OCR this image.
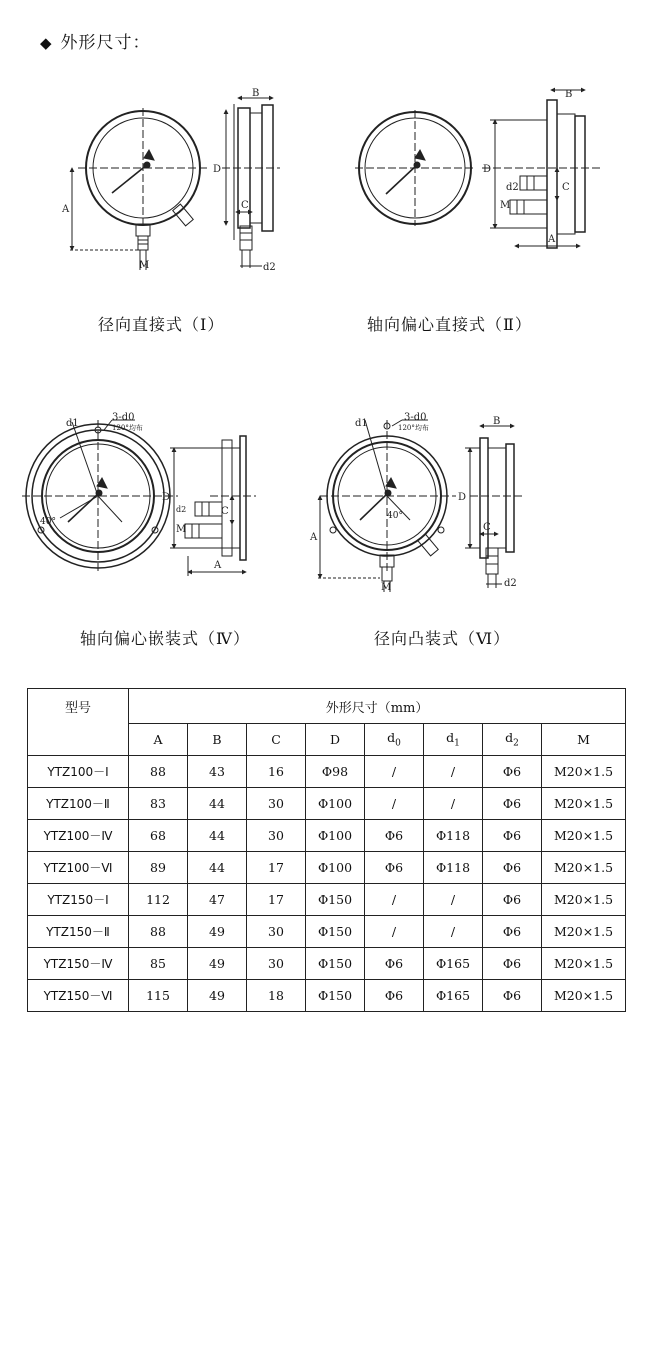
◆ 外形尺寸：
A
M
B
D
C
d2
B
D
C
A
M
d2
d1
3-d0
120°均布
40°
D
C
A
M
d2
d1
3-d0
120°均布
40°
A
B
D
C
M	d2
径向直接式（Ⅰ）	轴向偏心直接式（Ⅱ）
轴向偏心嵌装式（Ⅳ）	径向凸装式（Ⅵ）
型号	外形尺寸（mm）							
	A	B	C	D	$d_0$	$d_1$	$d_2$	M
YTZ100－Ⅰ	88	43	16	Φ98	/	/	Φ6	M20×1.5
YTZ100－Ⅱ	83	44	30	Φ100	/	/	Φ6	M20×1.5
YTZ100－Ⅳ	68	44	30	Φ100	Φ6	Φ118	Φ6	M20×1.5
YTZ100－Ⅵ	89	44	17	Φ100	Φ6	Φ118	Φ6	M20×1.5
YTZ150－Ⅰ	112	47	17	Φ150	/	/	Φ6	M20×1.5
YTZ150－Ⅱ	88	49	30	Φ150	/	/	Φ6	M20×1.5
YTZ150－Ⅳ	85	49	30	Φ150	Φ6	Φ165	Φ6	M20×1.5
YTZ150－Ⅵ	115	49	18	Φ150	Φ6	Φ165	Φ6	M20×1.5
